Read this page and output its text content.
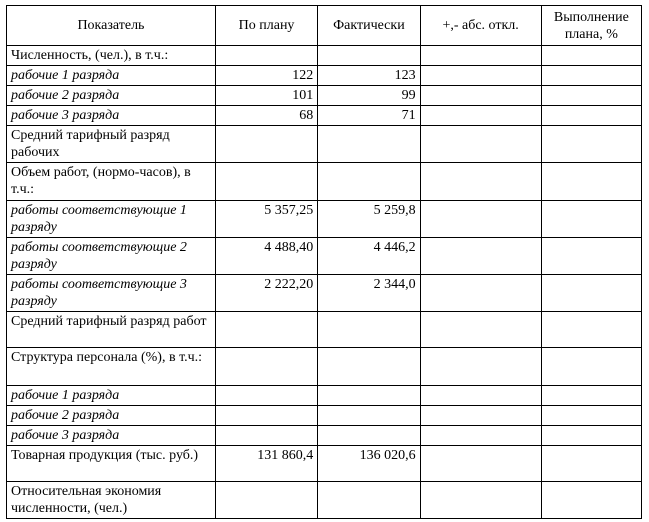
Показатель	По плану	Фактически	+,- абс. откл.	Выполнение плана, %
Численность, (чел.), в т.ч.:				
рабочие 1 разряда	122	123		
рабочие 2 разряда	101	99		
рабочие 3 разряда	68	71		
Средний тарифный разряд рабочих				
Объем работ, (нормо-часов), в т.ч.:				
работы соответствующие 1 разряду	5 357,25	5 259,8		
работы соответствующие 2 разряду	4 488,40	4 446,2		
работы соответствующие 3 разряду	2 222,20	2 344,0		
Средний тарифный разряд работ				
Структура персонала (%), в т.ч.:				
рабочие 1 разряда				
рабочие 2 разряда				
рабочие 3 разряда				
Товарная продукция (тыс. руб.)	131 860,4	136 020,6		
Относительная экономия численности, (чел.)				
